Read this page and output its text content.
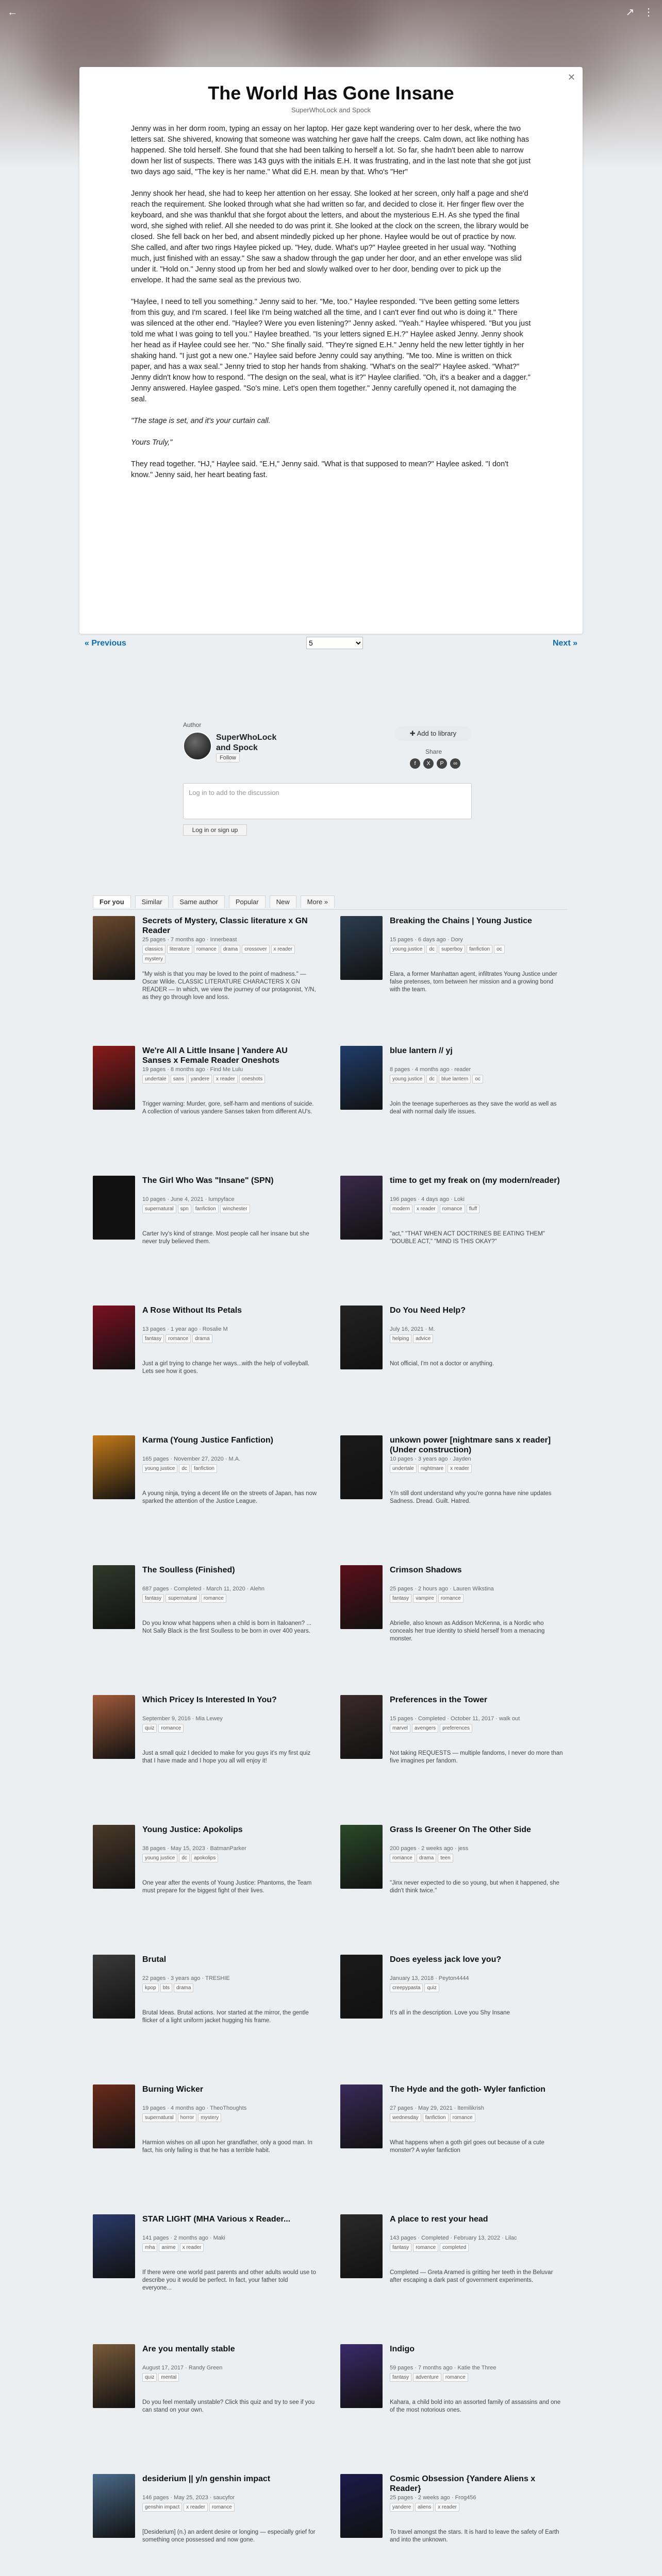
←	↗ ⋮
✕
The World Has Gone Insane
SuperWhoLock and Spock

Jenny was in her dorm room, typing an essay on her laptop. Her gaze kept wandering over to her desk, where the two letters sat. She shivered, knowing that someone was watching her gave half the creeps. Calm down, act like nothing has happened. She told herself. She found that she had been talking to herself a lot. So far, she hadn't been able to narrow down her list of suspects. There was 143 guys with the initials E.H. It was frustrating, and in the last note that she got just two days ago said, "The key is her name." What did E.H. mean by that. Who's "Her"

Jenny shook her head, she had to keep her attention on her essay. She looked at her screen, only half a page and she'd reach the requirement. She looked through what she had written so far, and decided to close it. Her finger flew over the keyboard, and she was thankful that she forgot about the letters, and about the mysterious E.H. As she typed the final word, she sighed with relief. All she needed to do was print it. She looked at the clock on the screen, the library would be closed. She fell back on her bed, and absent mindedly picked up her phone. Haylee would be out of practice by now. She called, and after two rings Haylee picked up. "Hey, dude. What's up?" Haylee greeted in her usual way. "Nothing much, just finished with an essay." She saw a shadow through the gap under her door, and an ether envelope was slid under it. "Hold on." Jenny stood up from her bed and slowly walked over to her door, bending over to pick up the envelope. It had the same seal as the previous two.

"Haylee, I need to tell you something." Jenny said to her. "Me, too." Haylee responded. "I've been getting some letters from this guy, and I'm scared. I feel like I'm being watched all the time, and I can't ever find out who is doing it." There was silenced at the other end. "Haylee? Were you even listening?" Jenny asked. "Yeah." Haylee whispered. "But you just told me what I was going to tell you." Haylee breathed. "Is your letters signed E.H.?" Haylee asked Jenny. Jenny shook her head as if Haylee could see her. "No." She finally said. "They're signed E.H." Jenny held the new letter tightly in her shaking hand. "I just got a new one." Haylee said before Jenny could say anything. "Me too. Mine is written on thick paper, and has a wax seal." Jenny tried to stop her hands from shaking. "What's on the seal?" Haylee asked. "What?" Jenny didn't know how to respond. "The design on the seal, what is it?" Haylee clarified. "Oh, it's a beaker and a dagger." Jenny answered. Haylee gasped. "So's mine. Let's open them together." Jenny carefully opened it, not damaging the seal.

"The stage is set, and it's your curtain call.

Yours Truly,"

They read together. "HJ," Haylee said. "E.H," Jenny said. "What is that supposed to mean?" Haylee asked. "I don't know." Jenny said, her heart beating fast.

« Previous
5	Next »
Author
SuperWhoLock and Spock
Follow
✚ Add to library
Share
f X P ∞
Log in to add to the discussion
Log in or sign up
For you	Similar	Same author	Popular	New	More »
Secrets of Mystery, Classic literature x GN Reader
25 pages · 7 months ago · Innerbeast
classics literature romance drama crossover x readermystery
"My wish is that you may be loved to the point of madness." —Oscar Wilde. CLASSIC LITERATURE CHARACTERS X GN READER — In which, we view the journey of our protagonist, Y/N, as they go through love and loss.
Breaking the Chains | Young Justice
15 pages · 6 days ago · Dory
young justice dc superboy fanfiction oc
Elara, a former Manhattan agent, infiltrates Young Justice under false pretenses, torn between her mission and a growing bond with the team.
We're All A Little Insane | Yandere AU Sanses x Female Reader Oneshots
19 pages · 8 months ago · Find Me Lulu
undertale sans yandere x reader oneshots
Trigger warning: Murder, gore, self-harm and mentions of suicide. A collection of various yandere Sanses taken from different AU's.
blue lantern // yj
8 pages · 4 months ago · reader
young justice dc blue lantern oc
Join the teenage superheroes as they save the world as well as deal with normal daily life issues.
The Girl Who Was "Insane" (SPN)
10 pages · June 4, 2021 · lumpyface
supernatural spn fanfiction winchester
Carter Ivy's kind of strange. Most people call her insane but she never truly believed them.
time to get my freak on (my modern/reader)
196 pages · 4 days ago · Loki
modern x reader romance fluff
"act," "THAT WHEN ACT DOCTRINES BE EATING THEM" "DOUBLE ACT," "MIND IS THIS OKAY?"
A Rose Without Its Petals
13 pages · 1 year ago · Rosalie M
fantasy romance drama
Just a girl trying to change her ways...with the help of volleyball. Lets see how it goes.
Do You Need Help?
July 16, 2021 · M.
helping advice
Not official, I'm not a doctor or anything.
Karma (Young Justice Fanfiction)
165 pages · November 27, 2020 · M.A.
young justice dc fanfiction
A young ninja, trying a decent life on the streets of Japan, has now sparked the attention of the Justice League.
unkown power [nightmare sans x reader] (Under construction)
10 pages · 3 years ago · Jayden
undertale nightmare x reader
Y/n still dont understand why you're gonna have nine updates Sadness. Dread. Guilt. Hatred.
The Soulless (Finished)
687 pages · Completed · March 11, 2020 · Alehn
fantasy supernatural romance
Do you know what happens when a child is born in Italoanen? ... Not Sally Black is the first Soulless to be born in over 400 years.
Crimson Shadows
25 pages · 2 hours ago · Lauren Wikstina
fantasy vampire romance
Abrielle, also known as Addison McKenna, is a Nordic who conceals her true identity to shield herself from a menacing monster.
Which Pricey Is Interested In You?
September 9, 2016 · Mia Lewey
quiz romance
Just a small quiz I decided to make for you guys it's my first quiz that I have made and I hope you all will enjoy it!
Preferences in the Tower
15 pages · Completed · October 11, 2017 · walk out
marvel avengers preferences
Not taking REQUESTS — multiple fandoms, I never do more than five imagines per fandom.
Young Justice: Apokolips
38 pages · May 15, 2023 · BatmanParker
young justice dc apokolips
One year after the events of Young Justice: Phantoms, the Team must prepare for the biggest fight of their lives.
Grass Is Greener On The Other Side
200 pages · 2 weeks ago · jess
romance drama teen
"Jinx never expected to die so young, but when it happened, she didn't think twice."
Brutal
22 pages · 3 years ago · TRESHIE
kpop bts drama
Brutal Ideas. Brutal actions. Ivor started at the mirror, the gentle flicker of a light uniform jacket hugging his frame.
Does eyeless jack love you?
January 13, 2018 · Peyton4444
creepypasta quiz
It's all in the description. Love you Shy Insane
Burning Wicker
19 pages · 4 months ago · TheoThoughts
supernatural horror mystery
Harmion wishes on all upon her grandfather, only a good man. In fact, his only failing is that he has a terrible habit.
The Hyde and the goth- Wyler fanfiction
27 pages · May 29, 2021 · ltemilikrish
wednesday fanfiction romance
What happens when a goth girl goes out because of a cute monster? A wyler fanfiction
STAR LIGHT (MHA Various x Reader...
141 pages · 2 months ago · Maki
mha anime x reader
If there were one world past parents and other adults would use to describe you it would be perfect. In fact, your father told everyone...
A place to rest your head
143 pages · Completed · February 13, 2022 · Lilac
fantasy romance completed
Completed — Greta Aramed is gritting her teeth in the Beluvar after escaping a dark past of government experiments.
Are you mentally stable
August 17, 2017 · Randy Green
quiz mental
Do you feel mentally unstable? Click this quiz and try to see if you can stand on your own.
Indigo
59 pages · 7 months ago · Katie the Three
fantasy adventure romance
Kahara, a child bold into an assorted family of assassins and one of the most notorious ones.
desiderium || y/n genshin impact
146 pages · May 25, 2023 · saucyfor
genshin impact x reader romance
[Desiderium] (n.) an ardent desire or longing — especially grief for something once possessed and now gone.
Cosmic Obsession {Yandere Aliens x Reader}
25 pages · 2 weeks ago · Frog456
yandere aliens x reader
To travel amongst the stars. It is hard to leave the safety of Earth and into the unknown.
